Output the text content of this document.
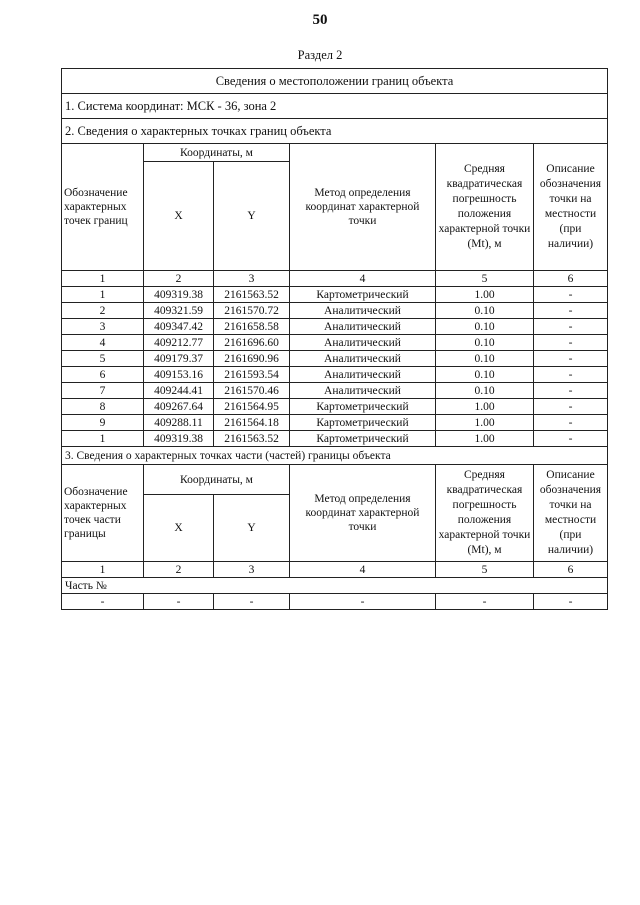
50
Раздел 2
Сведения о местоположении границ объекта					
1. Система координат: МСК - 36, зона 2					
2. Сведения о характерных точках границ объекта					
Обозначение характерных точек границ	Координаты, м		Метод определения координат характерной точки	Средняя квадратическая погрешность положения характерной точки (Mt), м	Описание обозначения точки на местности (при наличии)
	X	Y			
1	2	3	4	5	6
1	409319.38	2161563.52	Картометрический	1.00	-
2	409321.59	2161570.72	Аналитический	0.10	-
3	409347.42	2161658.58	Аналитический	0.10	-
4	409212.77	2161696.60	Аналитический	0.10	-
5	409179.37	2161690.96	Аналитический	0.10	-
6	409153.16	2161593.54	Аналитический	0.10	-
7	409244.41	2161570.46	Аналитический	0.10	-
8	409267.64	2161564.95	Картометрический	1.00	-
9	409288.11	2161564.18	Картометрический	1.00	-
1	409319.38	2161563.52	Картометрический	1.00	-
3. Сведения о характерных точках части (частей) границы объекта					
Обозначение характерных точек части границы	Координаты, м		Метод определения координат характерной точки	Средняя квадратическая погрешность положения характерной точки (Mt), м	Описание обозначения точки на местности (при наличии)
	X	Y			
1	2	3	4	5	6
Часть №					
-	-	-	-	-	-
